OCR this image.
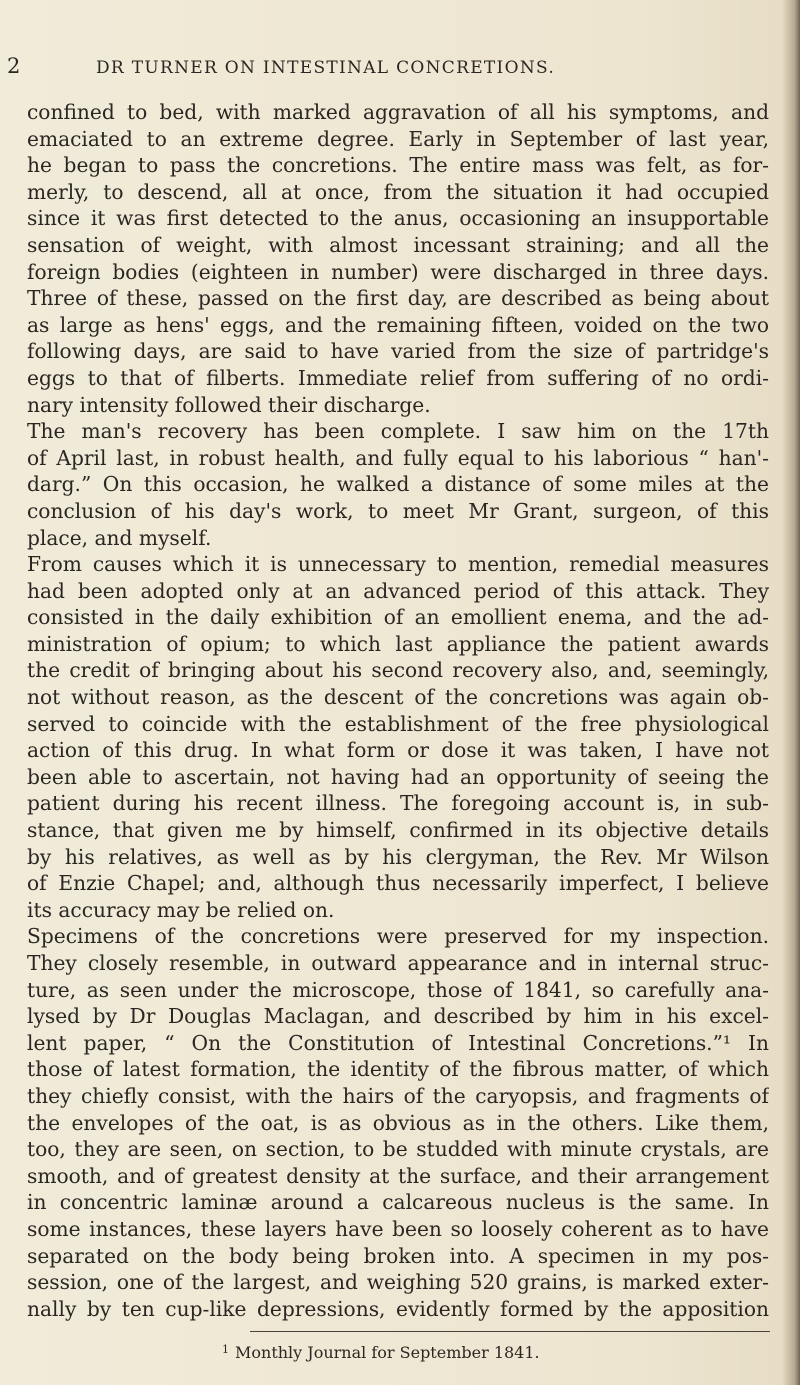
2	DR TURNER ON INTESTINAL CONCRETIONS.
confined to bed, with marked aggravation of all his symptoms, and
emaciated to an extreme degree. Early in September of last year,
he began to pass the concretions. The entire mass was felt, as for-
merly, to descend, all at once, from the situation it had occupied
since it was first detected to the anus, occasioning an insupportable
sensation of weight, with almost incessant straining; and all the
foreign bodies (eighteen in number) were discharged in three days.
Three of these, passed on the first day, are described as being about
as large as hens' eggs, and the remaining fifteen, voided on the two
following days, are said to have varied from the size of partridge's
eggs to that of filberts. Immediate relief from suffering of no ordi-
nary intensity followed their discharge.
The man's recovery has been complete. I saw him on the 17th
of April last, in robust health, and fully equal to his laborious “ han'-
darg.” On this occasion, he walked a distance of some miles at the
conclusion of his day's work, to meet Mr Grant, surgeon, of this
place, and myself.
From causes which it is unnecessary to mention, remedial measures
had been adopted only at an advanced period of this attack. They
consisted in the daily exhibition of an emollient enema, and the ad-
ministration of opium; to which last appliance the patient awards
the credit of bringing about his second recovery also, and, seemingly,
not without reason, as the descent of the concretions was again ob-
served to coincide with the establishment of the free physiological
action of this drug. In what form or dose it was taken, I have not
been able to ascertain, not having had an opportunity of seeing the
patient during his recent illness. The foregoing account is, in sub-
stance, that given me by himself, confirmed in its objective details
by his relatives, as well as by his clergyman, the Rev. Mr Wilson
of Enzie Chapel; and, although thus necessarily imperfect, I believe
its accuracy may be relied on.
Specimens of the concretions were preserved for my inspection.
They closely resemble, in outward appearance and in internal struc-
ture, as seen under the microscope, those of 1841, so carefully ana-
lysed by Dr Douglas Maclagan, and described by him in his excel-
lent paper, “ On the Constitution of Intestinal Concretions.”¹ In
those of latest formation, the identity of the fibrous matter, of which
they chiefly consist, with the hairs of the caryopsis, and fragments of
the envelopes of the oat, is as obvious as in the others. Like them,
too, they are seen, on section, to be studded with minute crystals, are
smooth, and of greatest density at the surface, and their arrangement
in concentric laminæ around a calcareous nucleus is the same. In
some instances, these layers have been so loosely coherent as to have
separated on the body being broken into. A specimen in my pos-
session, one of the largest, and weighing 520 grains, is marked exter-
nally by ten cup-like depressions, evidently formed by the apposition
$^1$ Monthly Journal for September 1841.
